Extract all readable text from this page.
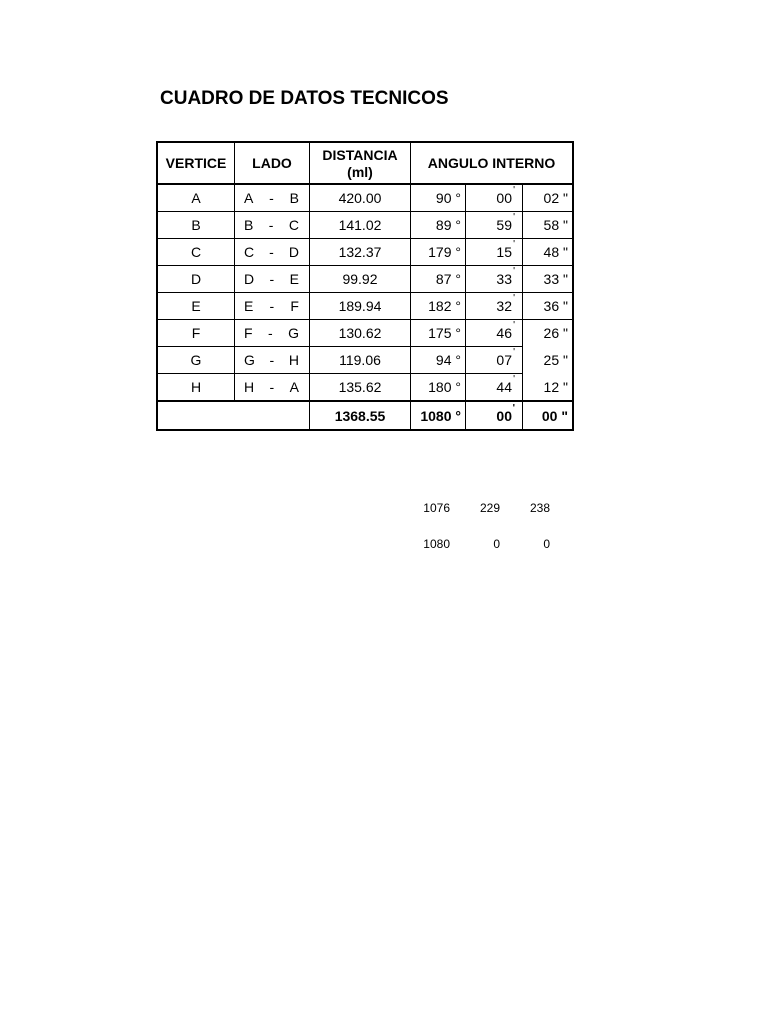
CUADRO DE DATOS TECNICOS
VERTICE	LADO	DISTANCIA
(ml)	ANGULO INTERNO		
A	A - B	420.00	90 °	00 '	02 "
B	B - C	141.02	89 °	59 '	58 "
C	C - D	132.37	179 °	15 '	48 "
D	D - E	99.92	87 °	33 '	33 "
E	E - F	189.94	182 °	32 '	36 "
F	F - G	130.62	175 °	46 '	26 "
G	G - H	119.06	94 °	07 '	25 "
H	H - A	135.62	180 °	44 '	12 "
		1368.55	1080 °	00 '	00 "
1076	229	238
1080	0	0
